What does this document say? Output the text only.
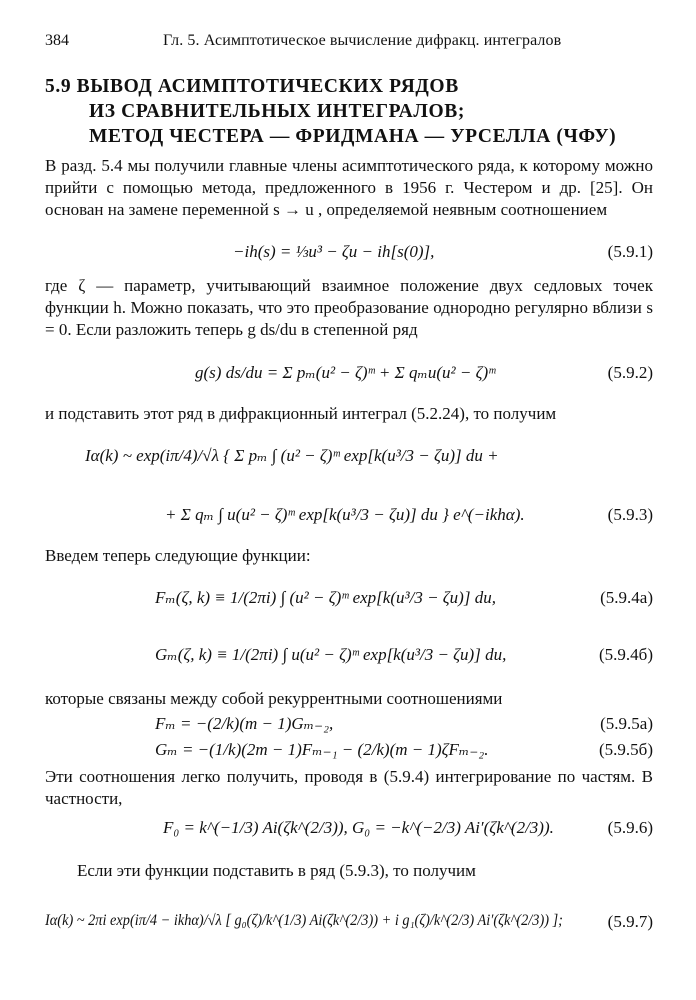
384	Гл. 5. Асимптотическое вычисление дифракц. интегралов
5.9 ВЫВОД АСИМПТОТИЧЕСКИХ РЯДОВ
ИЗ СРАВНИТЕЛЬНЫХ ИНТЕГРАЛОВ;
МЕТОД ЧЕСТЕРА — ФРИДМАНА — УРСЕЛЛА (ЧФУ)

В разд. 5.4 мы получили главные члены асимптотического ряда, к которому можно прийти с помощью метода, предложенного в 1956 г. Честером и др. [25]. Он основан на замене переменной s → u , определяемой неявным соотношением

−ih(s) = ⅓u³ − ζu − ih[s(0)],	(5.9.1)

где ζ — параметр, учитывающий взаимное положение двух седловых точек функции h. Можно показать, что это преобразование однородно регулярно вблизи s = 0. Если разложить теперь g ds/du в степенной ряд

g(s) ds/du = Σ pₘ(u² − ζ)ᵐ + Σ qₘu(u² − ζ)ᵐ	(5.9.2)

и подставить этот ряд в дифракционный интеграл (5.2.24), то получим

Iα(k) ~ exp(iπ/4)/√λ { Σ pₘ ∫ (u² − ζ)ᵐ exp[k(u³/3 − ζu)] du +
+ Σ qₘ ∫ u(u² − ζ)ᵐ exp[k(u³/3 − ζu)] du } e^(−ikhα).	(5.9.3)

Введем теперь следующие функции:

Fₘ(ζ, k) ≡ 1/(2πi) ∫ (u² − ζ)ᵐ exp[k(u³/3 − ζu)] du,	(5.9.4а)
Gₘ(ζ, k) ≡ 1/(2πi) ∫ u(u² − ζ)ᵐ exp[k(u³/3 − ζu)] du,	(5.9.4б)

которые связаны между собой рекуррентными соотношениями

Fₘ = −(2/k)(m − 1)Gₘ₋₂,	(5.9.5а)
Gₘ = −(1/k)(2m − 1)Fₘ₋₁ − (2/k)(m − 1)ζFₘ₋₂.	(5.9.5б)

Эти соотношения легко получить, проводя в (5.9.4) интегрирование по частям. В частности,

F₀ = k^(−1/3) Ai(ζk^(2/3)), G₀ = −k^(−2/3) Ai′(ζk^(2/3)).	(5.9.6)

Если эти функции подставить в ряд (5.9.3), то получим

Iα(k) ~ 2πi exp(iπ/4 − ikhα)/√λ [ g₀(ζ)/k^(1/3) Ai(ζk^(2/3)) + i g₁(ζ)/k^(2/3) Ai′(ζk^(2/3)) ];	(5.9.7)
